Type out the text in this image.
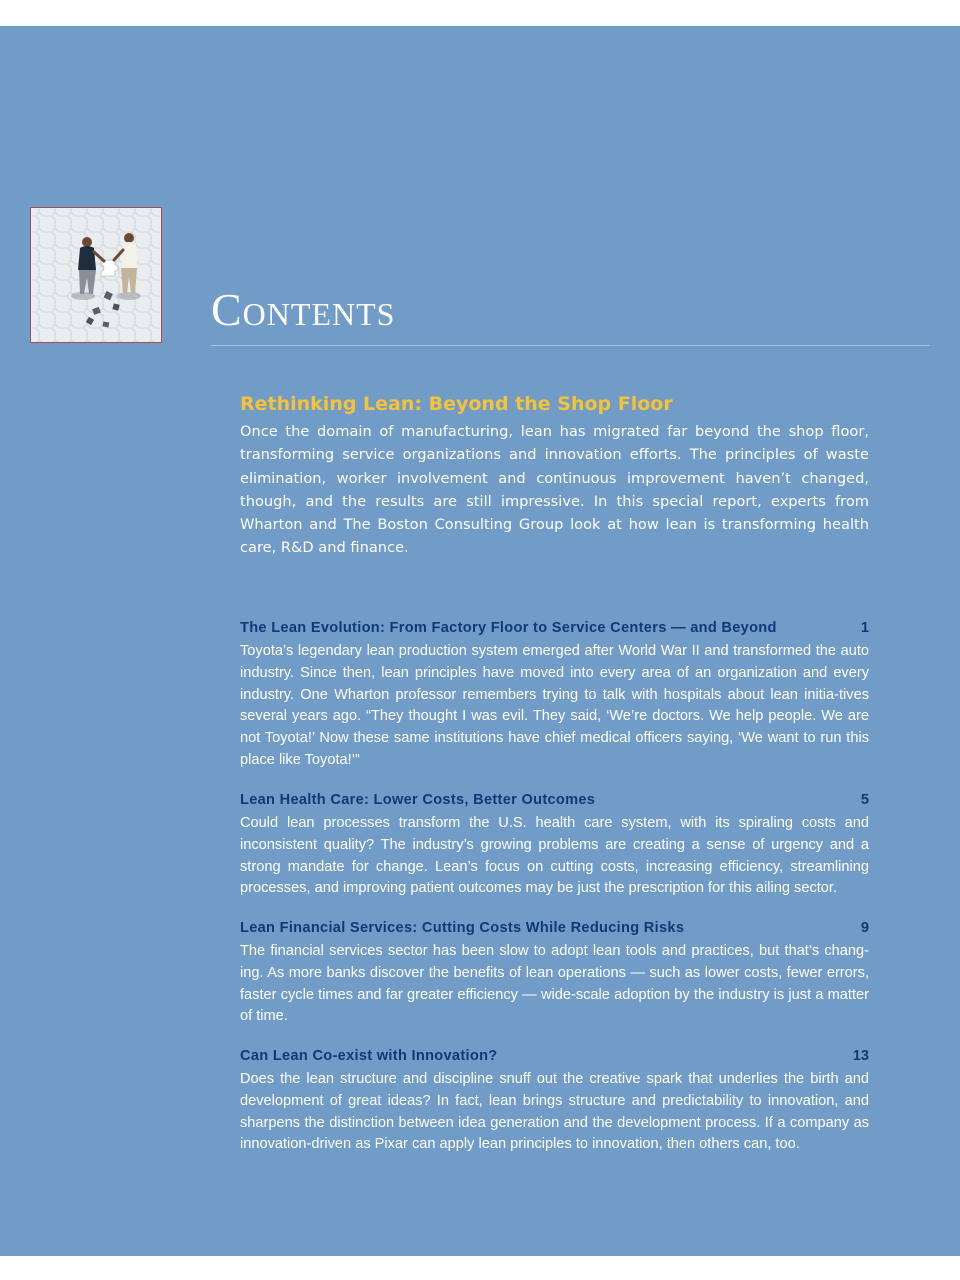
Contents
Rethinking Lean: Beyond the Shop Floor

Once the domain of manufacturing, lean has migrated far beyond the shop floor, transforming service organizations and innovation efforts. The principles of waste elimination, worker involvement and continuous improvement haven’t changed, though, and the results are still impressive. In this special report, experts from Wharton and The Boston Consulting Group look at how lean is transforming health care, R&D and finance.

The Lean Evolution: From Factory Floor to Service Centers — and Beyond	1

Toyota’s legendary lean production system emerged after World War II and transformed the auto industry. Since then, lean principles have moved into every area of an organization and every industry. One Wharton professor remembers trying to talk with hospitals about lean initia-tives several years ago. “They thought I was evil. They said, ‘We’re doctors. We help people. We are not Toyota!’ Now these same institutions have chief medical officers saying, ‘We want to run this place like Toyota!’”

Lean Health Care: Lower Costs, Better Outcomes	5

Could lean processes transform the U.S. health care system, with its spiraling costs and inconsistent quality? The industry’s growing problems are creating a sense of urgency and a strong mandate for change. Lean’s focus on cutting costs, increasing efficiency, streamlining processes, and improving patient outcomes may be just the prescription for this ailing sector.

Lean Financial Services: Cutting Costs While Reducing Risks	9

The financial services sector has been slow to adopt lean tools and practices, but that’s chang-ing. As more banks discover the benefits of lean operations — such as lower costs, fewer errors, faster cycle times and far greater efficiency — wide-scale adoption by the industry is just a matter of time.

Can Lean Co-exist with Innovation?	13

Does the lean structure and discipline snuff out the creative spark that underlies the birth and development of great ideas? In fact, lean brings structure and predictability to innovation, and sharpens the distinction between idea generation and the development process. If a company as innovation-driven as Pixar can apply lean principles to innovation, then others can, too.
